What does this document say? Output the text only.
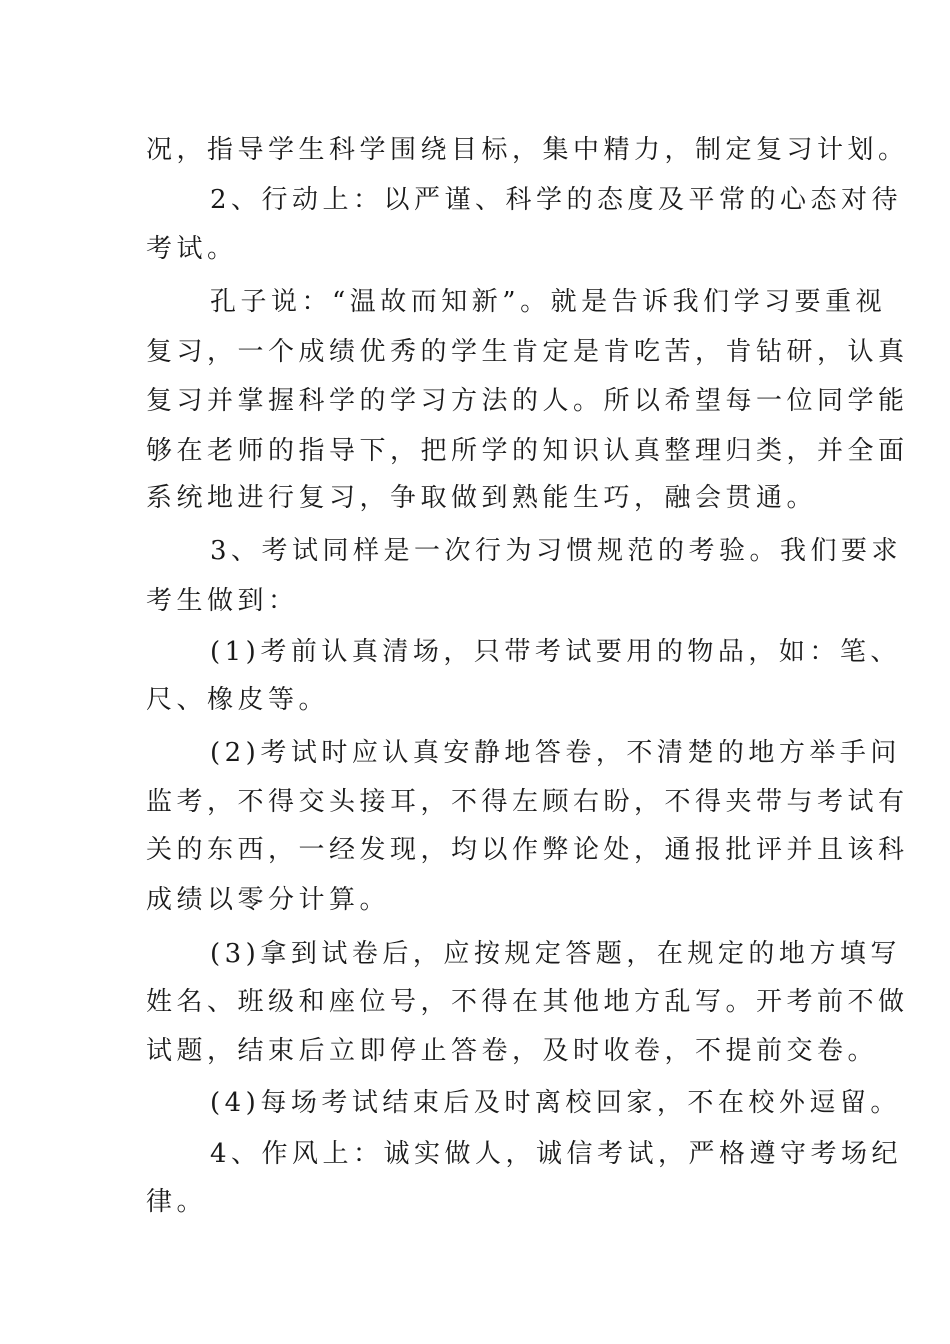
况，指导学生科学围绕目标，集中精力，制定复习计划。

2、行动上：以严谨、科学的态度及平常的心态对待

考试。

孔子说：“温故而知新”。就是告诉我们学习要重视

复习，一个成绩优秀的学生肯定是肯吃苦，肯钻研，认真

复习并掌握科学的学习方法的人。所以希望每一位同学能

够在老师的指导下，把所学的知识认真整理归类，并全面

系统地进行复习，争取做到熟能生巧，融会贯通。

3、考试同样是一次行为习惯规范的考验。我们要求

考生做到：

(1)考前认真清场，只带考试要用的物品，如：笔、

尺、橡皮等。

(2)考试时应认真安静地答卷，不清楚的地方举手问

监考，不得交头接耳，不得左顾右盼，不得夹带与考试有

关的东西，一经发现，均以作弊论处，通报批评并且该科

成绩以零分计算。

(3)拿到试卷后，应按规定答题，在规定的地方填写

姓名、班级和座位号，不得在其他地方乱写。开考前不做

试题，结束后立即停止答卷，及时收卷，不提前交卷。

(4)每场考试结束后及时离校回家，不在校外逗留。

4、作风上：诚实做人，诚信考试，严格遵守考场纪

律。
